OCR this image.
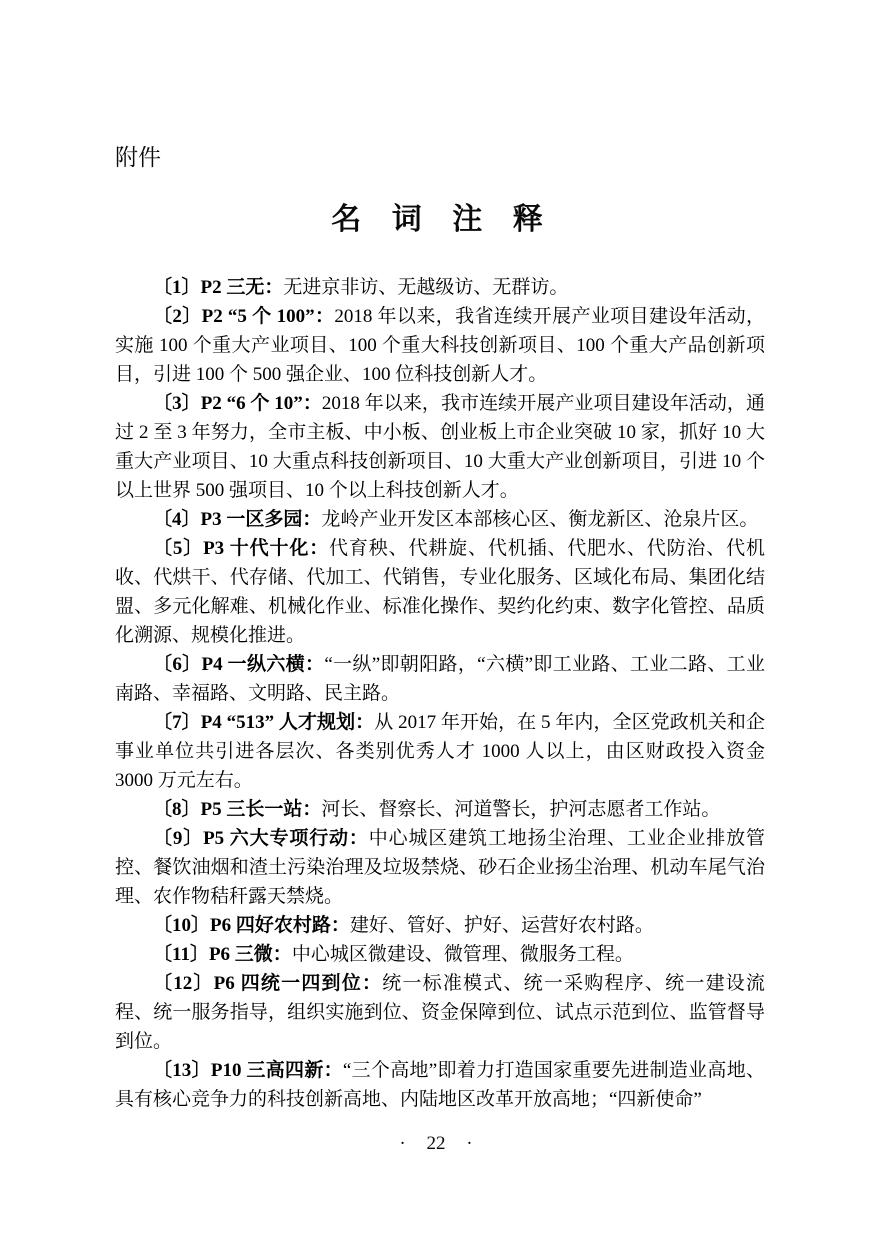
附件
名 词 注 释

〔1〕P2 三无：无进京非访、无越级访、无群访。

〔2〕P2 “5 个 100”：2018 年以来，我省连续开展产业项目建设年活动，实施 100 个重大产业项目、100 个重大科技创新项目、100 个重大产品创新项目，引进 100 个 500 强企业、100 位科技创新人才。

〔3〕P2 “6 个 10”：2018 年以来，我市连续开展产业项目建设年活动，通过 2 至 3 年努力，全市主板、中小板、创业板上市企业突破 10 家，抓好 10 大重大产业项目、10 大重点科技创新项目、10 大重大产业创新项目，引进 10 个以上世界 500 强项目、10 个以上科技创新人才。

〔4〕P3 一区多园：龙岭产业开发区本部核心区、衡龙新区、沧泉片区。

〔5〕P3 十代十化：代育秧、代耕旋、代机插、代肥水、代防治、代机收、代烘干、代存储、代加工、代销售，专业化服务、区域化布局、集团化结盟、多元化解难、机械化作业、标准化操作、契约化约束、数字化管控、品质化溯源、规模化推进。

〔6〕P4 一纵六横：“一纵”即朝阳路，“六横”即工业路、工业二路、工业南路、幸福路、文明路、民主路。

〔7〕P4 “513” 人才规划：从 2017 年开始，在 5 年内，全区党政机关和企事业单位共引进各层次、各类别优秀人才 1000 人以上，由区财政投入资金 3000 万元左右。

〔8〕P5 三长一站：河长、督察长、河道警长，护河志愿者工作站。

〔9〕P5 六大专项行动：中心城区建筑工地扬尘治理、工业企业排放管控、餐饮油烟和渣土污染治理及垃圾禁烧、砂石企业扬尘治理、机动车尾气治理、农作物秸秆露天禁烧。

〔10〕P6 四好农村路：建好、管好、护好、运营好农村路。

〔11〕P6 三微：中心城区微建设、微管理、微服务工程。

〔12〕P6 四统一四到位：统一标准模式、统一采购程序、统一建设流程、统一服务指导，组织实施到位、资金保障到位、试点示范到位、监管督导到位。

〔13〕P10 三高四新：“三个高地”即着力打造国家重要先进制造业高地、具有核心竞争力的科技创新高地、内陆地区改革开放高地；“四新使命”

· 22 ·
